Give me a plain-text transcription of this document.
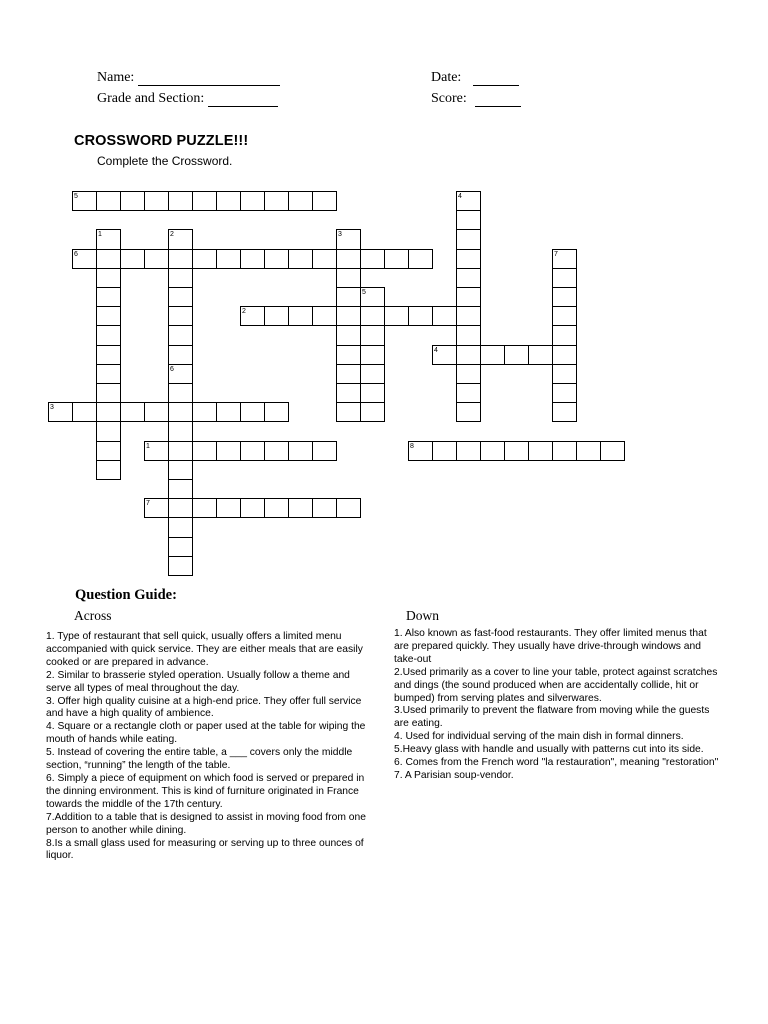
Name:
Grade and Section:
Date:
Score:
CROSSWORD PUZZLE!!!
Complete the Crossword.
5
6
2
4
3
1	8
7
4
1	2
6
3
7
5
Question Guide:
Across	Down

1. Type of restaurant that sell quick, usually offers a limited menu accompanied with quick service. They are either meals that are easily cooked or are prepared in advance.

2. Similar to brasserie styled operation. Usually follow a theme and serve all types of meal throughout the day.

3. Offer high quality cuisine at a high-end price. They offer full service and have a high quality of ambience.

4. Square or a rectangle cloth or paper used at the table for wiping the mouth of hands while eating.

5. Instead of covering the entire table, a ___ covers only the middle section, “running” the length of the table.

6. Simply a piece of equipment on which food is served or prepared in the dinning environment. This is kind of furniture originated in France towards the middle of the 17th century.

7.Addition to a table that is designed to assist in moving food from one person to another while dining.

8.Is a small glass used for measuring or serving up to three ounces of liquor.

1. Also known as fast-food restaurants. They offer limited menus that are prepared quickly. They usually have drive-through windows and take-out

2.Used primarily as a cover to line your table, protect against scratches and dings (the sound produced when are accidentally collide, hit or bumped) from serving plates and silverwares.

3.Used primarily to prevent the flatware from moving while the guests are eating.

4. Used for individual serving of the main dish in formal dinners.

5.Heavy glass with handle and usually with patterns cut into its side.

6. Comes from the French word "la restauration", meaning "restoration"

7. A Parisian soup-vendor.
